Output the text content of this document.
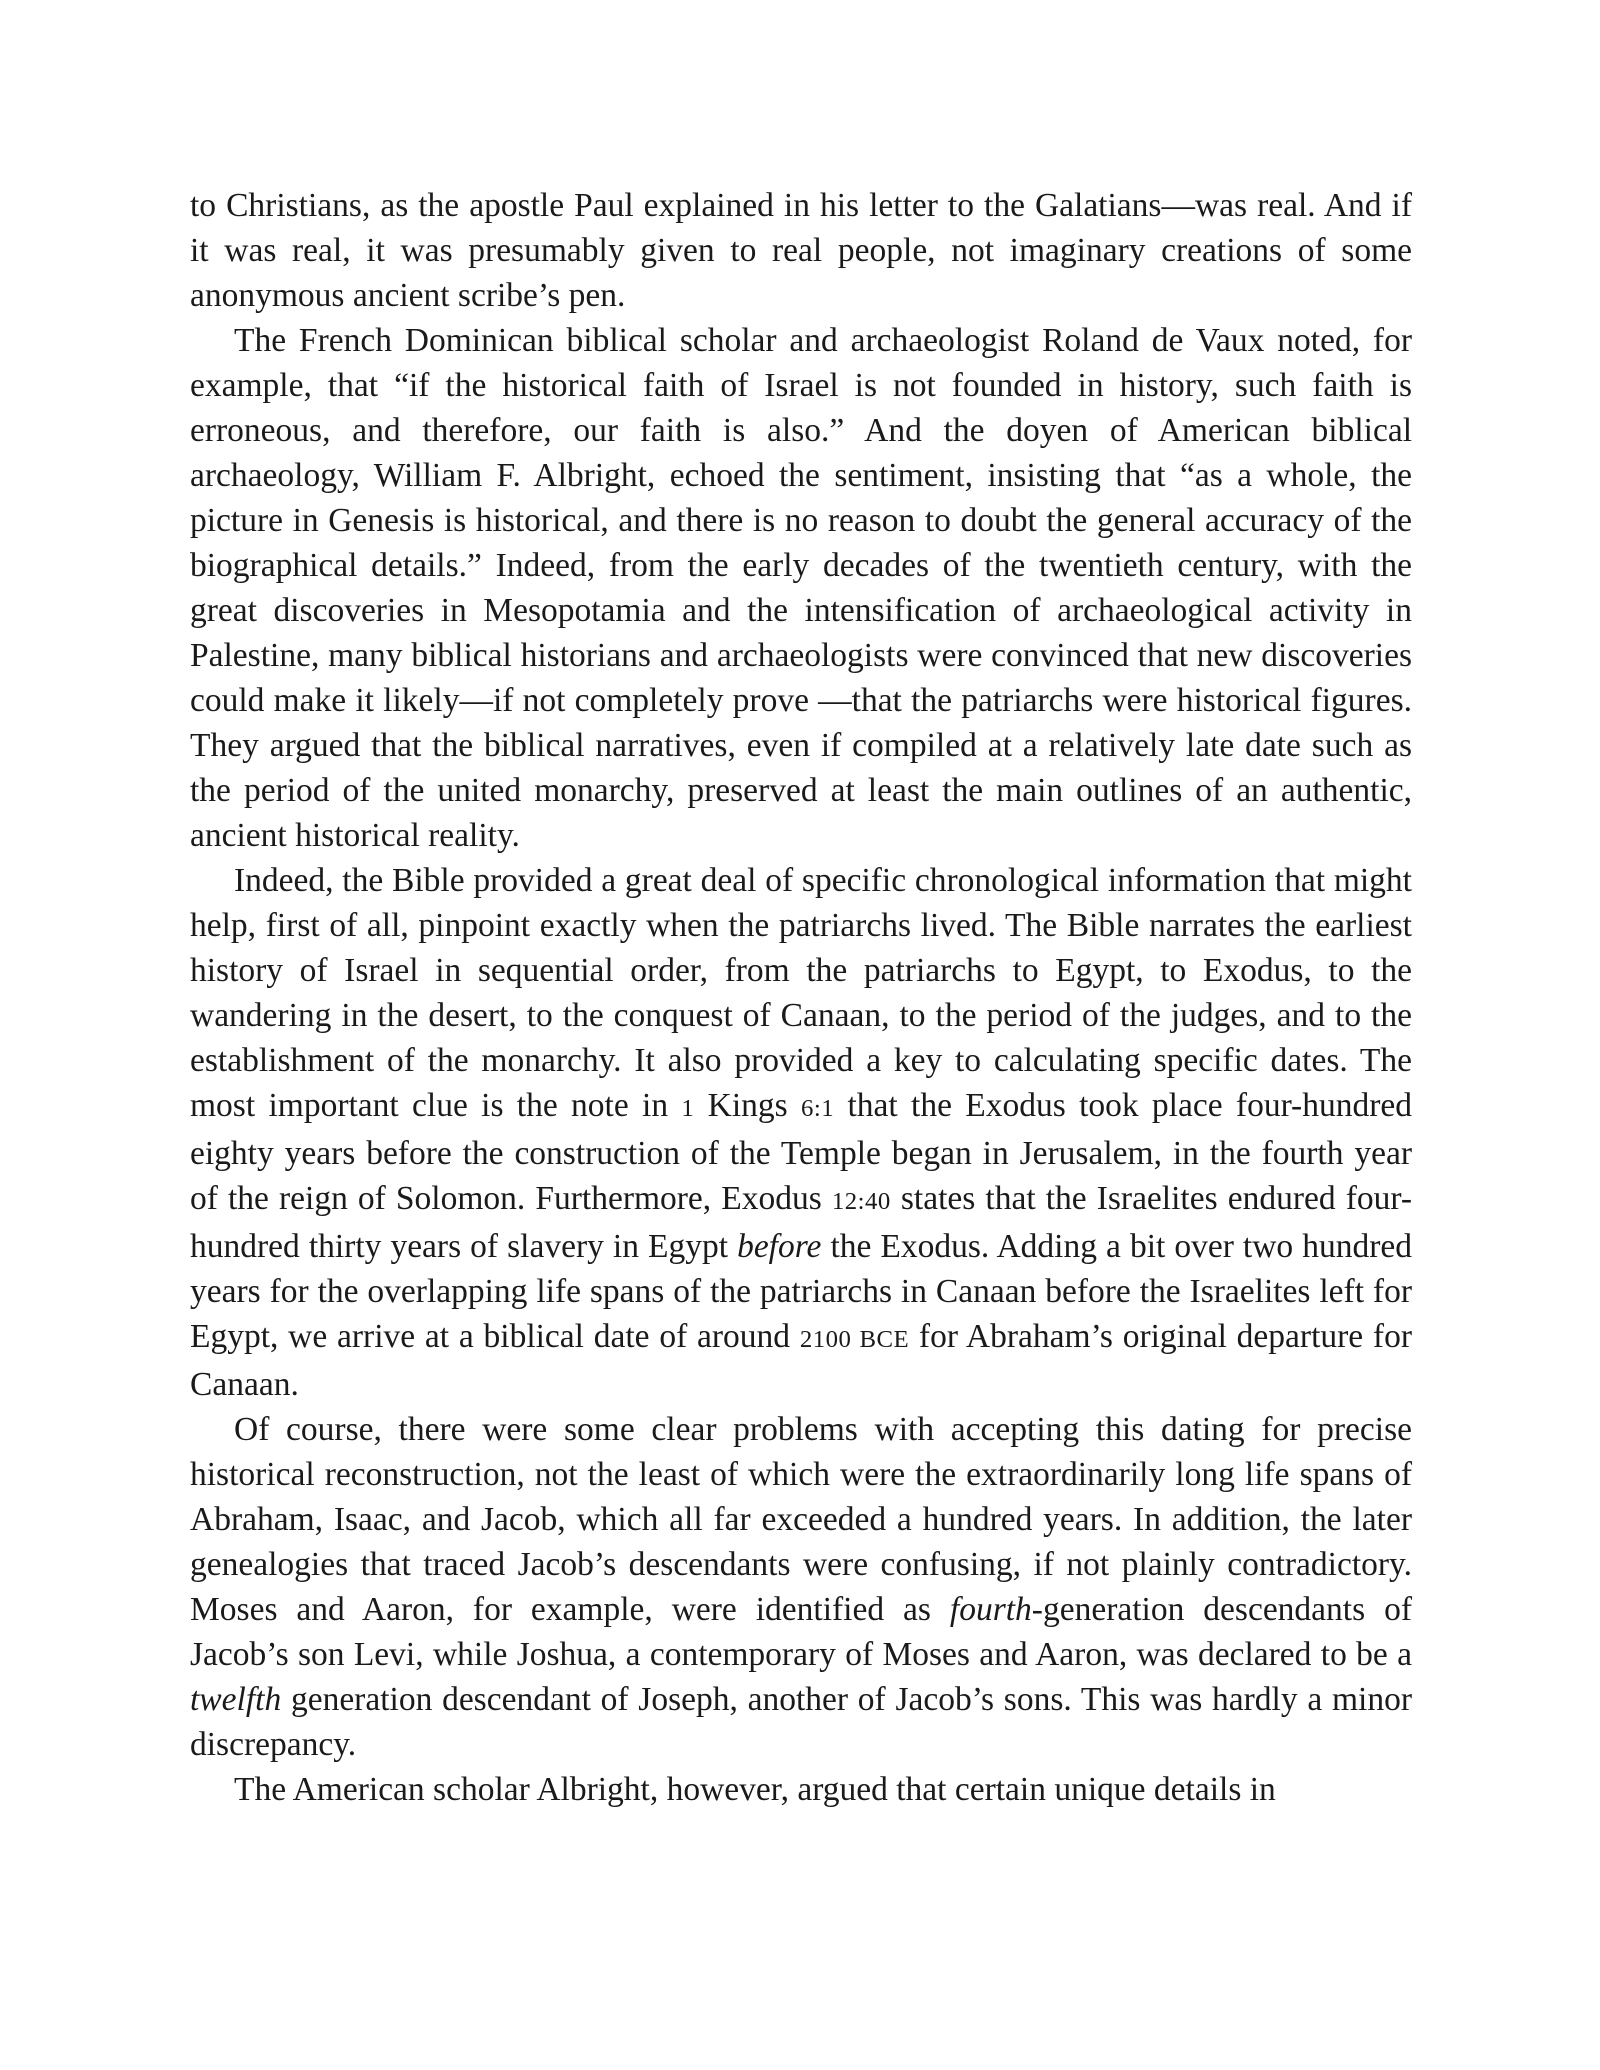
to Christians, as the apostle Paul explained in his letter to the Galatians—was real. And if it was real, it was presumably given to real people, not imaginary creations of some anonymous ancient scribe’s pen.

The French Dominican biblical scholar and archaeologist Roland de Vaux noted, for example, that “if the historical faith of Israel is not founded in history, such faith is erroneous, and therefore, our faith is also.” And the doyen of American biblical archaeology, William F. Albright, echoed the sentiment, insisting that “as a whole, the picture in Genesis is historical, and there is no reason to doubt the general accuracy of the biographical details.” Indeed, from the early decades of the twentieth century, with the great discoveries in Mesopotamia and the intensification of archaeological activity in Palestine, many biblical historians and archaeologists were convinced that new discoveries could make it likely—if not completely prove —that the patriarchs were historical figures. They argued that the biblical narratives, even if compiled at a relatively late date such as the period of the united monarchy, preserved at least the main outlines of an authentic, ancient historical reality.

Indeed, the Bible provided a great deal of specific chronological information that might help, first of all, pinpoint exactly when the patriarchs lived. The Bible narrates the earliest history of Israel in sequential order, from the patriarchs to Egypt, to Exodus, to the wandering in the desert, to the conquest of Canaan, to the period of the judges, and to the establishment of the monarchy. It also provided a key to calculating specific dates. The most important clue is the note in 1 Kings 6:1 that the Exodus took place four-hundred eighty years before the construction of the Temple began in Jerusalem, in the fourth year of the reign of Solomon. Furthermore, Exodus 12:40 states that the Israelites endured four-hundred thirty years of slavery in Egypt before the Exodus. Adding a bit over two hundred years for the overlapping life spans of the patriarchs in Canaan before the Israelites left for Egypt, we arrive at a biblical date of around 2100 BCE for Abraham’s original departure for Canaan.

Of course, there were some clear problems with accepting this dating for precise historical reconstruction, not the least of which were the extraordinarily long life spans of Abraham, Isaac, and Jacob, which all far exceeded a hundred years. In addition, the later genealogies that traced Jacob’s descendants were confusing, if not plainly contradictory. Moses and Aaron, for example, were identified as fourth-generation descendants of Jacob’s son Levi, while Joshua, a contemporary of Moses and Aaron, was declared to be a twelfth generation descendant of Joseph, another of Jacob’s sons. This was hardly a minor discrepancy.

The American scholar Albright, however, argued that certain unique details in
